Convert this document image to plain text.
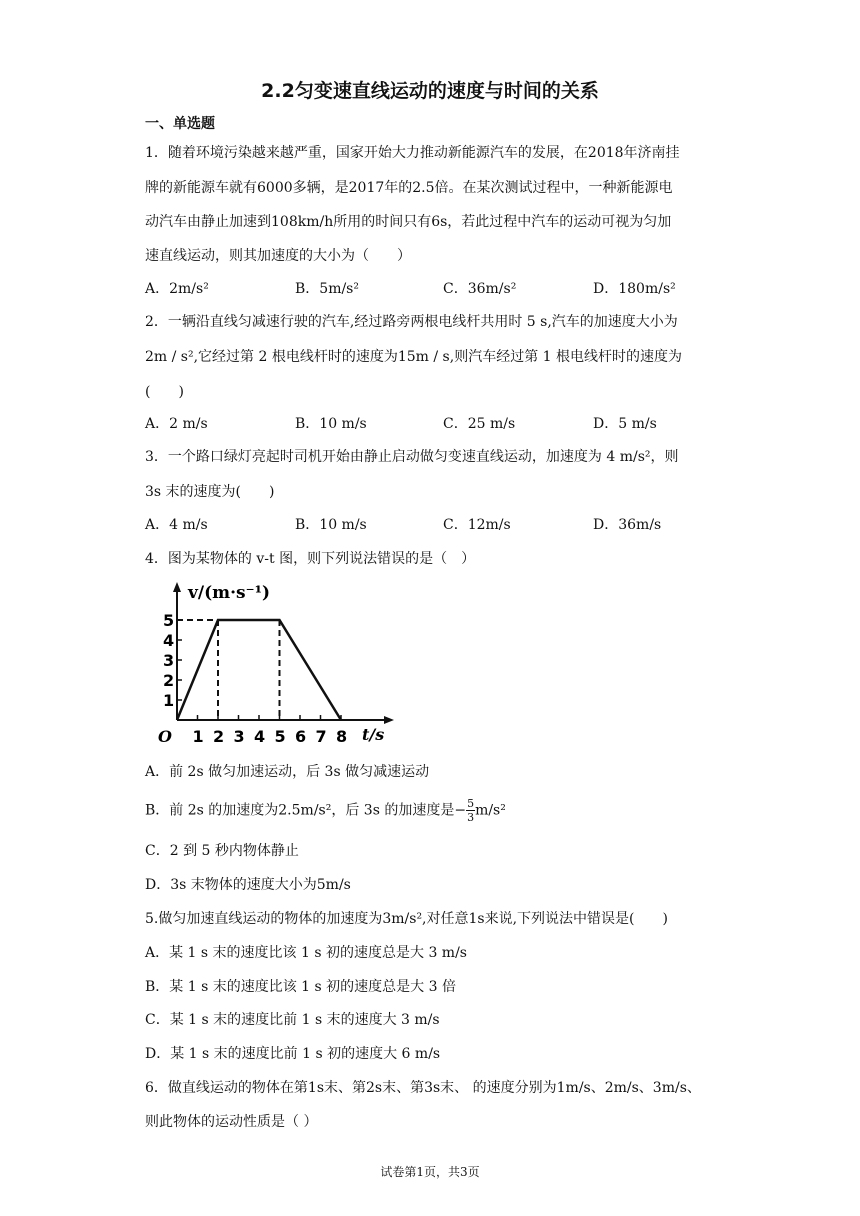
2.2匀变速直线运动的速度与时间的关系
一、单选题
1．随着环境污染越来越严重，国家开始大力推动新能源汽车的发展，在2018年济南挂
牌的新能源车就有6000多辆，是2017年的2.5倍。在某次测试过程中，一种新能源电
动汽车由静止加速到108km/h所用的时间只有6s，若此过程中汽车的运动可视为匀加
速直线运动，则其加速度的大小为（　　）
A．2m/s²	B．5m/s²	C．36m/s²	D．180m/s²
2．一辆沿直线匀减速行驶的汽车,经过路旁两根电线杆共用时 5 s,汽车的加速度大小为
2m / s²,它经过第 2 根电线杆时的速度为15m / s,则汽车经过第 1 根电线杆时的速度为
(　　)
A．2 m/s	B．10 m/s	C．25 m/s	D．5 m/s
3．一个路口绿灯亮起时司机开始由静止启动做匀变速直线运动，加速度为 4 m/s²，则
3s 末的速度为(　　)
A．4 m/s	B．10 m/s	C．12m/s	D．36m/s
4．图为某物体的 v-t 图，则下列说法错误的是（　）
v/(m·s⁻¹)
t/s
O
1
2
3
4
5
1 2 3 4 5 6 7 8
A．前 2s 做匀加速运动，后 3s 做匀减速运动
B．前 2s 的加速度为2.5m/s²，后 3s 的加速度是− $\frac{5}{3} m/s^2$
C．2 到 5 秒内物体静止
D．3s 末物体的速度大小为5m/s
5.做匀加速直线运动的物体的加速度为3m/s²,对任意1s来说,下列说法中错误是(　　)
A．某 1 s 末的速度比该 1 s 初的速度总是大 3 m/s
B．某 1 s 末的速度比该 1 s 初的速度总是大 3 倍
C．某 1 s 末的速度比前 1 s 末的速度大 3 m/s
D．某 1 s 末的速度比前 1 s 初的速度大 6 m/s
6．做直线运动的物体在第1s末、第2s末、第3s末、 的速度分别为1m/s、2m/s、3m/s、
则此物体的运动性质是（ ）
试卷第1页，共3页
